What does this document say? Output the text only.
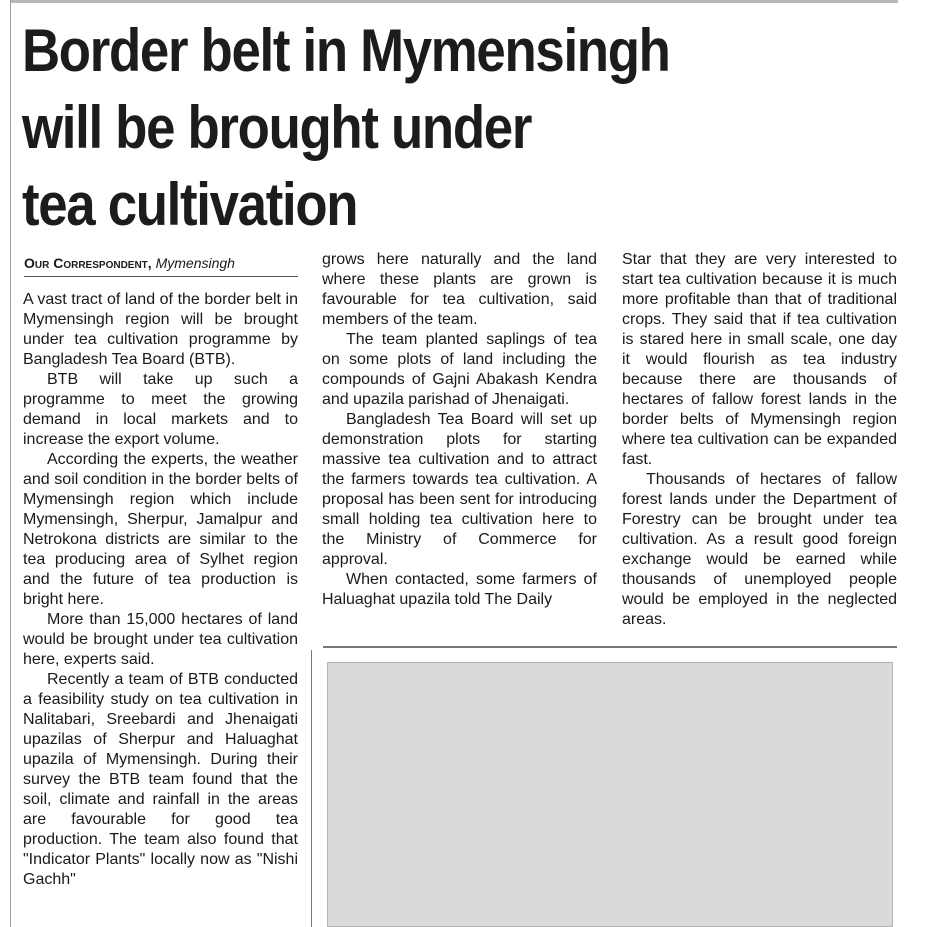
Border belt in Mymensingh
will be brought under
tea cultivation
Our Correspondent, Mymensingh

A vast tract of land of the border belt in Mymensingh region will be brought under tea cultivation programme by Bangladesh Tea Board (BTB).

BTB will take up such a programme to meet the growing demand in local markets and to increase the export volume.

According the experts, the weather and soil condition in the border belts of Mymensingh region which include Mymensingh, Sherpur, Jamalpur and Netrokona districts are similar to the tea producing area of Sylhet region and the future of tea production is bright here.

More than 15,000 hectares of land would be brought under tea cultivation here, experts said.

Recently a team of BTB conducted a feasibility study on tea cultivation in Nalitabari, Sreebardi and Jhenaigati upazilas of Sherpur and Haluaghat upazila of Mymensingh. During their survey the BTB team found that the soil, climate and rainfall in the areas are favourable for good tea production. The team also found that "Indicator Plants" locally now as "Nishi Gachh"

grows here naturally and the land where these plants are grown is favourable for tea cultivation, said members of the team.

The team planted saplings of tea on some plots of land including the compounds of Gajni Abakash Kendra and upazila parishad of Jhenaigati.

Bangladesh Tea Board will set up demonstration plots for starting massive tea cultivation and to attract the farmers towards tea cultivation. A proposal has been sent for introducing small holding tea cultivation here to the Ministry of Commerce for approval.

When contacted, some farmers of Haluaghat upazila told The Daily

Star that they are very interested to start tea cultivation because it is much more profitable than that of traditional crops. They said that if tea cultivation is stared here in small scale, one day it would flourish as tea industry because there are thousands of hectares of fallow forest lands in the border belts of Mymensingh region where tea cultivation can be expanded fast.

Thousands of hectares of fallow forest lands under the Department of Forestry can be brought under tea cultivation. As a result good foreign exchange would be earned while thousands of unemployed people would be employed in the neglected areas.
